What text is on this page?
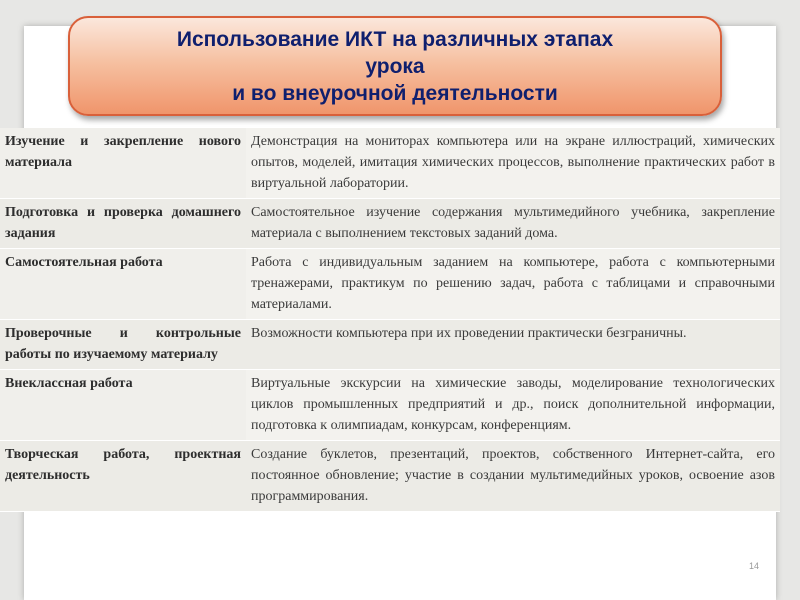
Использование ИКТ на различных этапах
урока
и во внеурочной деятельности

Изучение и закрепление нового материала	Демонстрация на мониторах компьютера или на экране иллюстраций, химических опытов, моделей, имитация химических процессов, выполнение практических работ в виртуальной лаборатории.
Подготовка и проверка домашнего задания	Самостоятельное изучение содержания мультимедийного учебника, закрепление материала с выполнением текстовых заданий дома.
Самостоятельная работа	Работа с индивидуальным заданием на компьютере, работа с компьютерными тренажерами, практикум по решению задач, работа с таблицами и справочными материалами.
Проверочные и контрольные работы по изучаемому материалу	Возможности компьютера при их проведении практически безграничны.
Внеклассная работа	Виртуальные экскурсии на химические заводы, моделирование технологических циклов промышленных предприятий и др., поиск дополнительной информации, подготовка к олимпиадам, конкурсам, конференциям.
Творческая работа, проектная деятельность	Создание буклетов, презентаций, проектов, собственного Интернет-сайта, его постоянное обновление; участие в создании мультимедийных уроков, освоение азов программирования.
14
